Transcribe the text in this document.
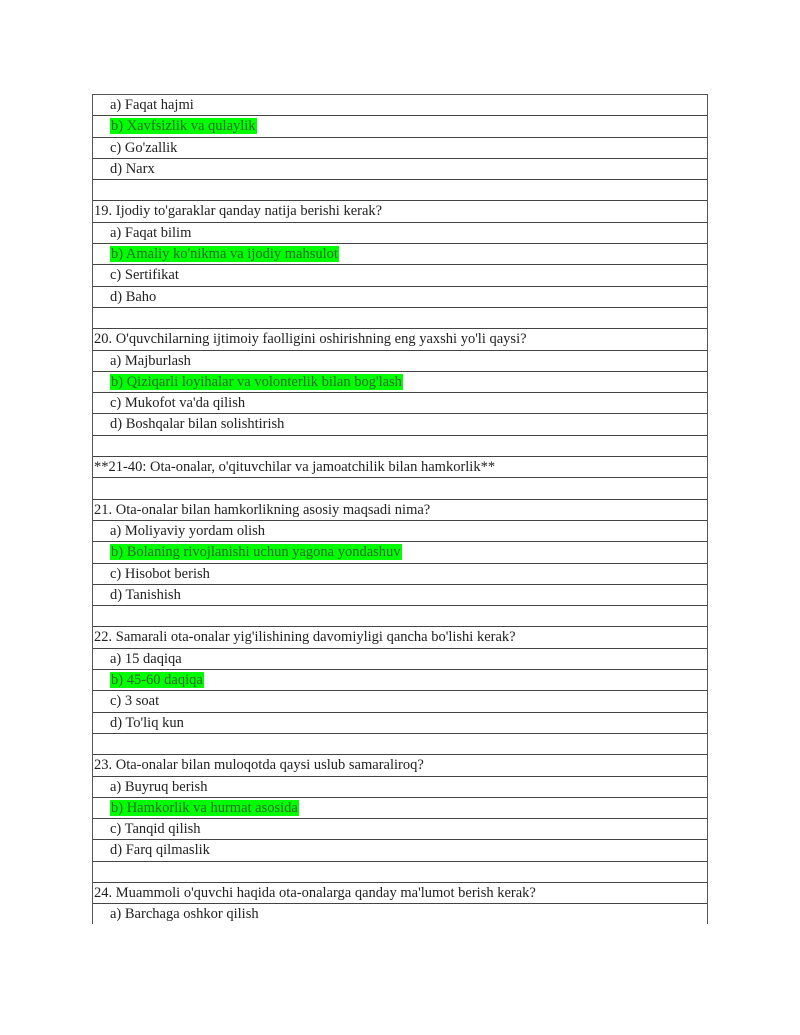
a) Faqat hajmi
b) Xavfsizlik va qulaylik
c) Go'zallik
d) Narx
19. Ijodiy to'garaklar qanday natija berishi kerak?
a) Faqat bilim
b) Amaliy ko'nikma va ijodiy mahsulot
c) Sertifikat
d) Baho
20. O'quvchilarning ijtimoiy faolligini oshirishning eng yaxshi yo'li qaysi?
a) Majburlash
b) Qiziqarli loyihalar va volonterlik bilan bog'lash
c) Mukofot va'da qilish
d) Boshqalar bilan solishtirish
**21-40: Ota-onalar, o'qituvchilar va jamoatchilik bilan hamkorlik**
21. Ota-onalar bilan hamkorlikning asosiy maqsadi nima?
a) Moliyaviy yordam olish
b) Bolaning rivojlanishi uchun yagona yondashuv
c) Hisobot berish
d) Tanishish
22. Samarali ota-onalar yig'ilishining davomiyligi qancha bo'lishi kerak?
a) 15 daqiqa
b) 45-60 daqiqa
c) 3 soat
d) To'liq kun
23. Ota-onalar bilan muloqotda qaysi uslub samaraliroq?
a) Buyruq berish
b) Hamkorlik va hurmat asosida
c) Tanqid qilish
d) Farq qilmaslik
24. Muammoli o'quvchi haqida ota-onalarga qanday ma'lumot berish kerak?
a) Barchaga oshkor qilish
